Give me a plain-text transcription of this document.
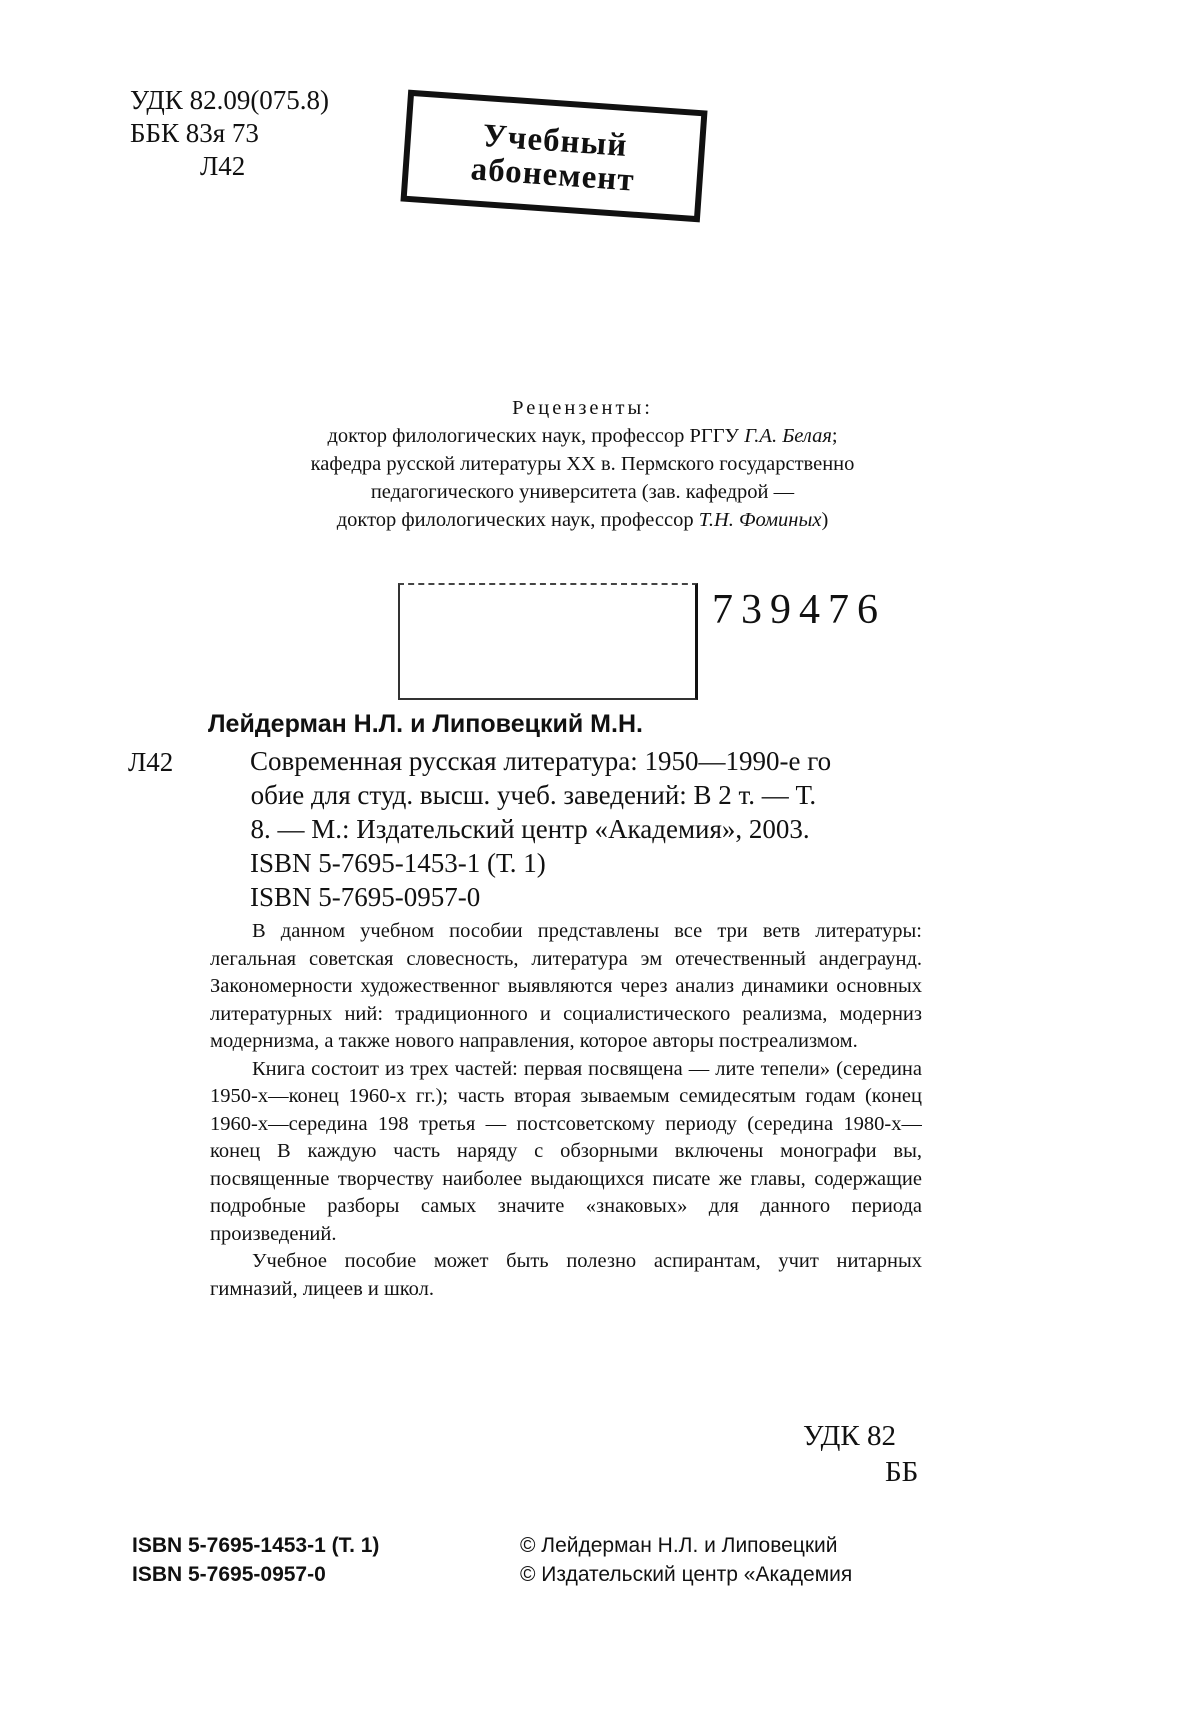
УДК 82.09(075.8)
ББК 83я 73
Л42
Учебный
абонемент
Рецензенты:
доктор филологических наук, профессор РГГУ Г.А. Белая;
кафедра русской литературы XX в. Пермского государственно
педагогического университета (зав. кафедрой —
доктор филологических наук, профессор Т.Н. Фоминых)
739476
Лейдерман Н.Л. и Липовецкий М.Н.
Л42	Современная русская литература: 1950—1990-е го
пособие для студ. высш. учеб. заведений: В 2 т. — Т.
1968. — М.: Издательский центр «Академия», 2003.
ISBN 5-7695-1453-1 (Т. 1)
ISBN 5-7695-0957-0

В данном учебном пособии представлены все три ветв литературы: легальная советская словесность, литература эм отечественный андеграунд. Закономерности художественног выявляются через анализ динамики основных литературных ний: традиционного и социалистического реализма, модерниз модернизма, а также нового направления, которое авторы постреализмом.

Книга состоит из трех частей: первая посвящена — лите тепели» (середина 1950-х—конец 1960-х гг.); часть вторая зываемым семидесятым годам (конец 1960-х—середина 198 третья — постсоветскому периоду (середина 1980-х—конец В каждую часть наряду с обзорными включены монографи вы, посвященные творчеству наиболее выдающихся писате же главы, содержащие подробные разборы самых значите «знаковых» для данного периода произведений.

Учебное пособие может быть полезно аспирантам, учит нитарных гимназий, лицеев и школ.

УДК 82
ББ
ISBN 5-7695-1453-1 (Т. 1)
ISBN 5-7695-0957-0
© Лейдерман Н.Л. и Липовецкий
© Издательский центр «Академия
